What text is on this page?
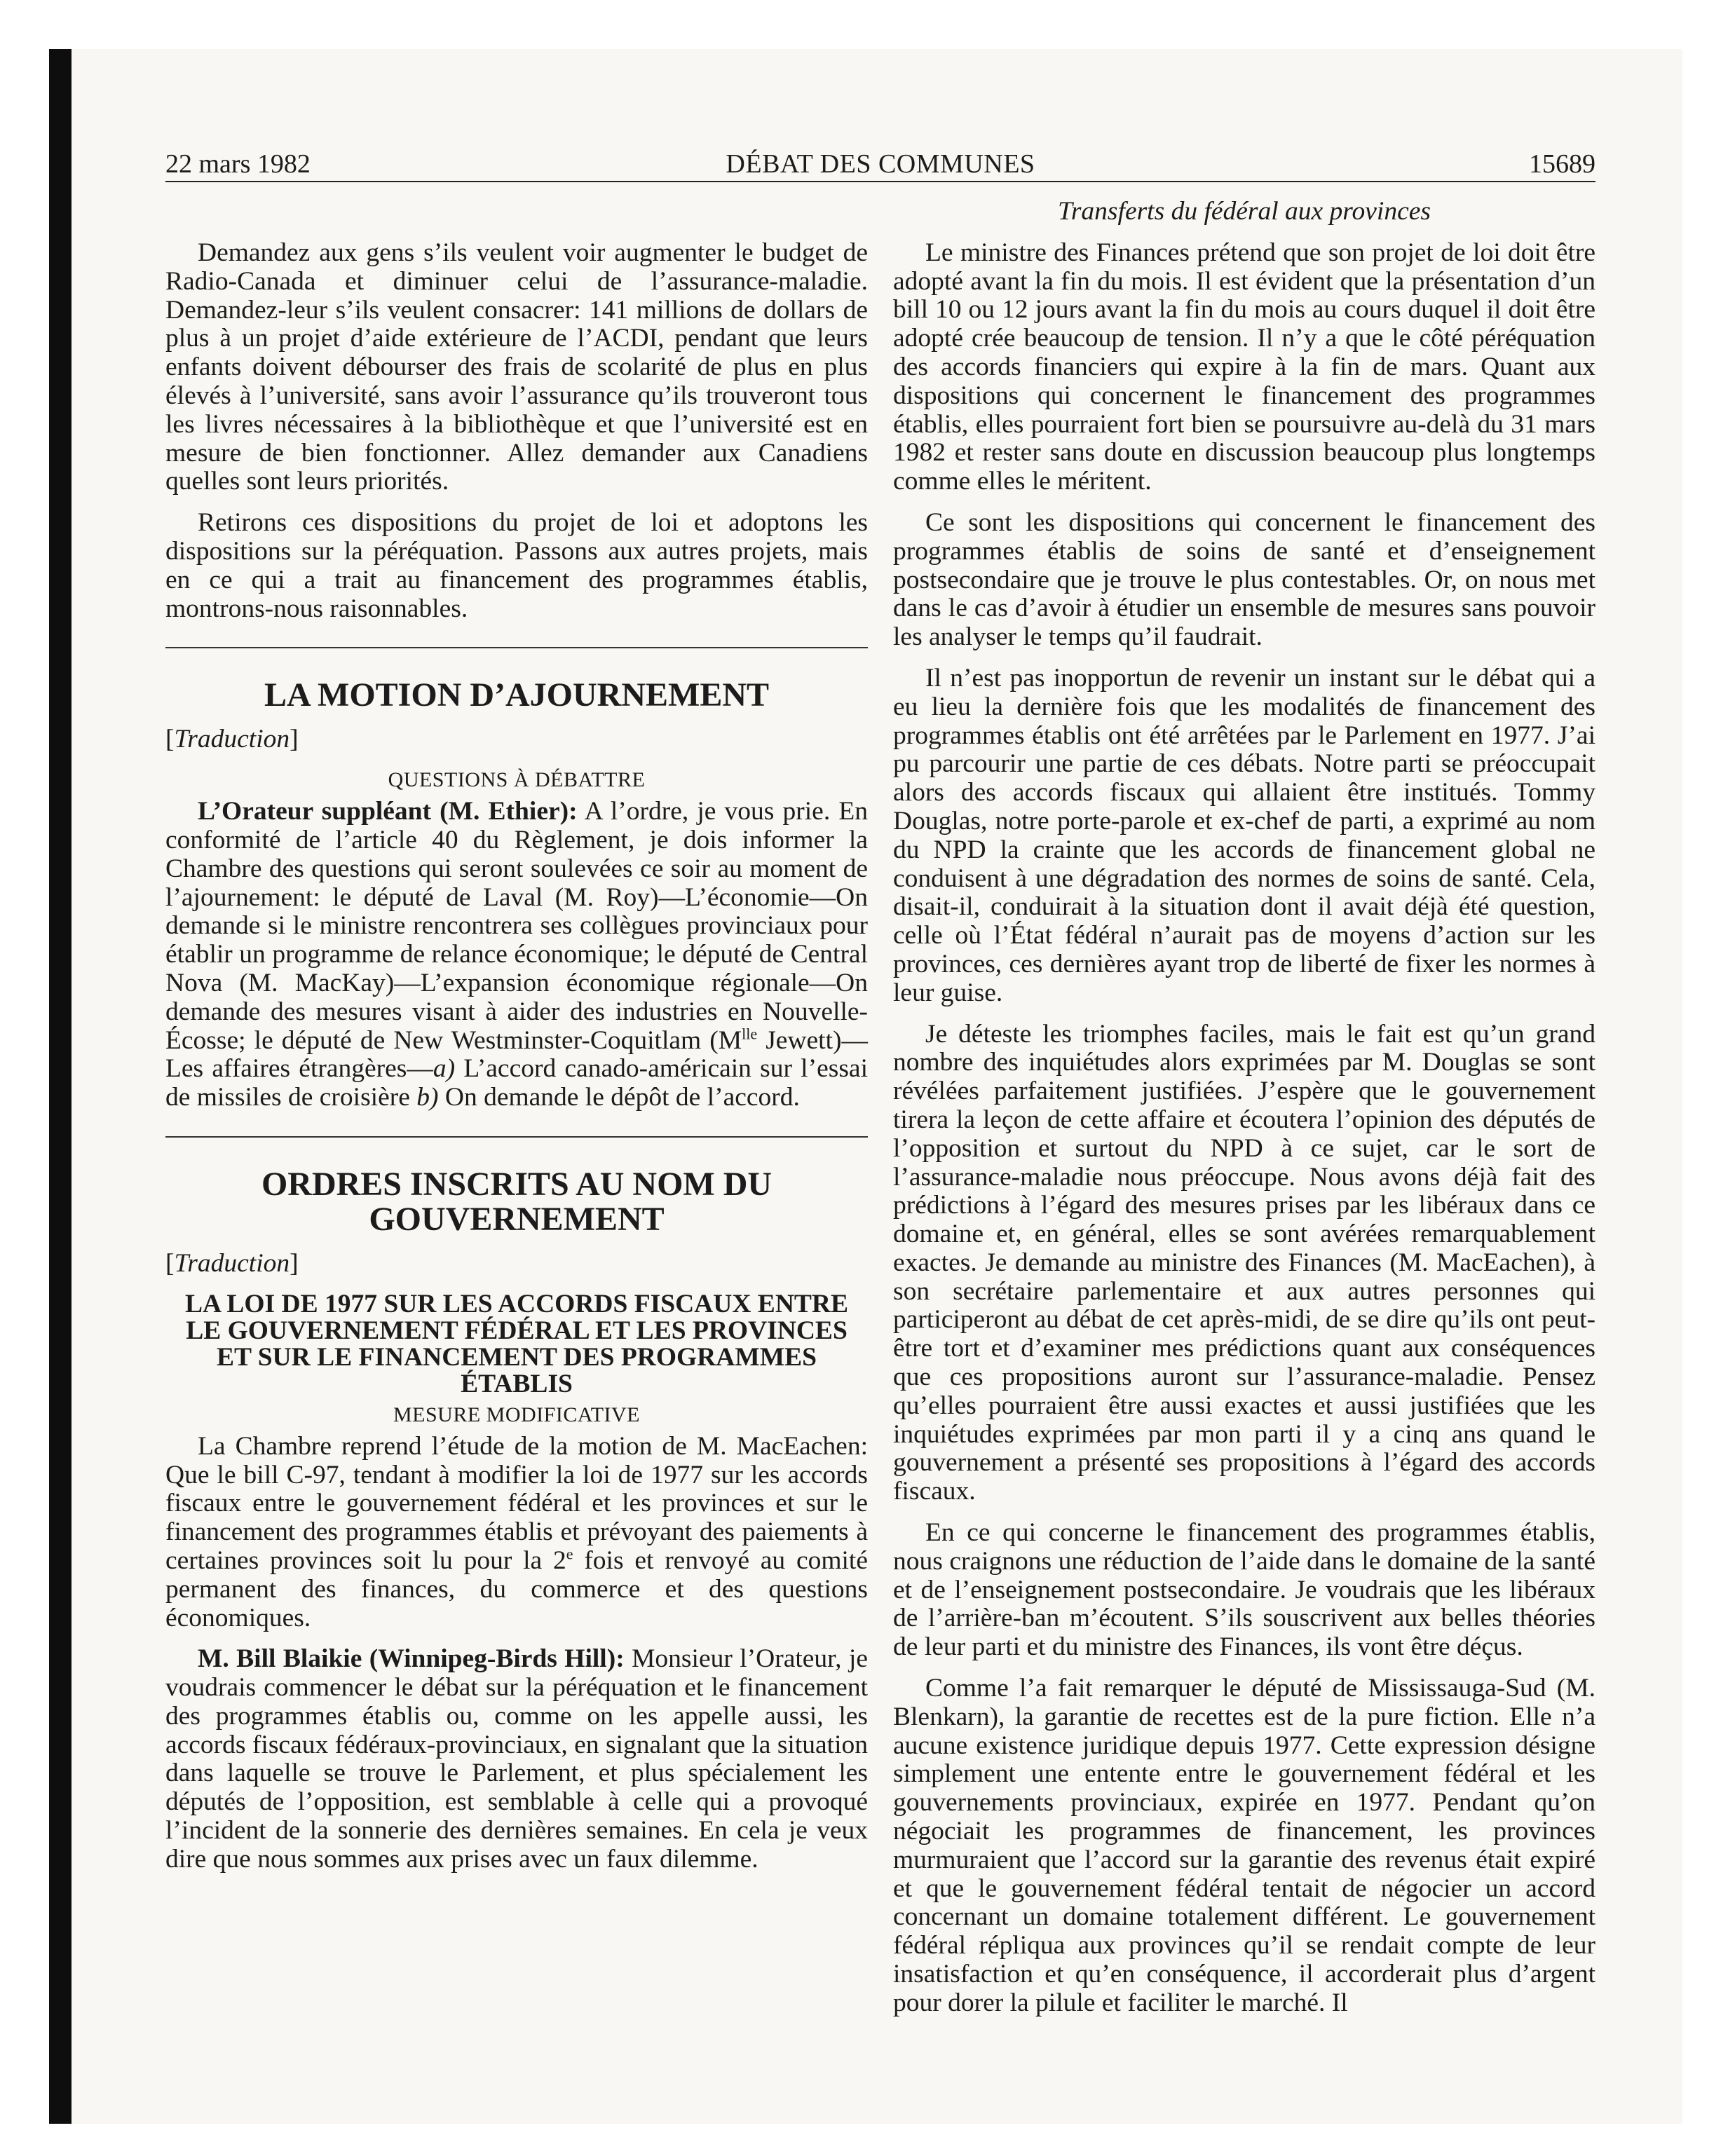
22 mars 1982	DÉBAT DES COMMUNES	15689

Demandez aux gens s’ils veulent voir augmenter le budget de Radio-Canada et diminuer celui de l’assurance-maladie. Demandez-leur s’ils veulent consacrer: 141 millions de dollars de plus à un projet d’aide extérieure de l’ACDI, pendant que leurs enfants doivent débourser des frais de scolarité de plus en plus élevés à l’université, sans avoir l’assurance qu’ils trouveront tous les livres nécessaires à la bibliothèque et que l’université est en mesure de bien fonctionner. Allez demander aux Canadiens quelles sont leurs priorités.

Retirons ces dispositions du projet de loi et adoptons les dispositions sur la péréquation. Passons aux autres projets, mais en ce qui a trait au financement des programmes établis, montrons-nous raisonnables.

LA MOTION D’AJOURNEMENT

[Traduction]

QUESTIONS À DÉBATTRE

L’Orateur suppléant (M. Ethier): A l’ordre, je vous prie. En conformité de l’article 40 du Règlement, je dois informer la Chambre des questions qui seront soulevées ce soir au moment de l’ajournement: le député de Laval (M. Roy)—L’économie—On demande si le ministre rencontrera ses collègues provinciaux pour établir un programme de relance économique; le député de Central Nova (M. MacKay)—L’expansion économique régionale—On demande des mesures visant à aider des industries en Nouvelle-Écosse; le député de New Westminster-Coquitlam ($M^{lle}$ Jewett)—Les affaires étrangères—a) L’accord canado-américain sur l’essai de missiles de croisière b) On demande le dépôt de l’accord.

ORDRES INSCRITS AU NOM DU GOUVERNEMENT

[Traduction]

LA LOI DE 1977 SUR LES ACCORDS FISCAUX ENTRE LE GOUVERNEMENT FÉDÉRAL ET LES PROVINCES ET SUR LE FINANCEMENT DES PROGRAMMES ÉTABLIS
MESURE MODIFICATIVE

La Chambre reprend l’étude de la motion de M. MacEachen: Que le bill C-97, tendant à modifier la loi de 1977 sur les accords fiscaux entre le gouvernement fédéral et les provinces et sur le financement des programmes établis et prévoyant des paiements à certaines provinces soit lu pour la 2e fois et renvoyé au comité permanent des finances, du commerce et des questions économiques.

M. Bill Blaikie (Winnipeg-Birds Hill): Monsieur l’Orateur, je voudrais commencer le débat sur la péréquation et le financement des programmes établis ou, comme on les appelle aussi, les accords fiscaux fédéraux-provinciaux, en signalant que la situation dans laquelle se trouve le Parlement, et plus spécialement les députés de l’opposition, est semblable à celle qui a provoqué l’incident de la sonnerie des dernières semaines. En cela je veux dire que nous sommes aux prises avec un faux dilemme.

Transferts du fédéral aux provinces

Le ministre des Finances prétend que son projet de loi doit être adopté avant la fin du mois. Il est évident que la présentation d’un bill 10 ou 12 jours avant la fin du mois au cours duquel il doit être adopté crée beaucoup de tension. Il n’y a que le côté péréquation des accords financiers qui expire à la fin de mars. Quant aux dispositions qui concernent le financement des programmes établis, elles pourraient fort bien se poursuivre au-delà du 31 mars 1982 et rester sans doute en discussion beaucoup plus longtemps comme elles le méritent.

Ce sont les dispositions qui concernent le financement des programmes établis de soins de santé et d’enseignement postsecondaire que je trouve le plus contestables. Or, on nous met dans le cas d’avoir à étudier un ensemble de mesures sans pouvoir les analyser le temps qu’il faudrait.

Il n’est pas inopportun de revenir un instant sur le débat qui a eu lieu la dernière fois que les modalités de financement des programmes établis ont été arrêtées par le Parlement en 1977. J’ai pu parcourir une partie de ces débats. Notre parti se préoccupait alors des accords fiscaux qui allaient être institués. Tommy Douglas, notre porte-parole et ex-chef de parti, a exprimé au nom du NPD la crainte que les accords de financement global ne conduisent à une dégradation des normes de soins de santé. Cela, disait-il, conduirait à la situation dont il avait déjà été question, celle où l’État fédéral n’aurait pas de moyens d’action sur les provinces, ces dernières ayant trop de liberté de fixer les normes à leur guise.

Je déteste les triomphes faciles, mais le fait est qu’un grand nombre des inquiétudes alors exprimées par M. Douglas se sont révélées parfaitement justifiées. J’espère que le gouvernement tirera la leçon de cette affaire et écoutera l’opinion des députés de l’opposition et surtout du NPD à ce sujet, car le sort de l’assurance-maladie nous préoccupe. Nous avons déjà fait des prédictions à l’égard des mesures prises par les libéraux dans ce domaine et, en général, elles se sont avérées remarquablement exactes. Je demande au ministre des Finances (M. MacEachen), à son secrétaire parlementaire et aux autres personnes qui participeront au débat de cet après-midi, de se dire qu’ils ont peut-être tort et d’examiner mes prédictions quant aux conséquences que ces propositions auront sur l’assurance-maladie. Pensez qu’elles pourraient être aussi exactes et aussi justifiées que les inquiétudes exprimées par mon parti il y a cinq ans quand le gouvernement a présenté ses propositions à l’égard des accords fiscaux.

En ce qui concerne le financement des programmes établis, nous craignons une réduction de l’aide dans le domaine de la santé et de l’enseignement postsecondaire. Je voudrais que les libéraux de l’arrière-ban m’écoutent. S’ils souscrivent aux belles théories de leur parti et du ministre des Finances, ils vont être déçus.

Comme l’a fait remarquer le député de Mississauga-Sud (M. Blenkarn), la garantie de recettes est de la pure fiction. Elle n’a aucune existence juridique depuis 1977. Cette expression désigne simplement une entente entre le gouvernement fédéral et les gouvernements provinciaux, expirée en 1977. Pendant qu’on négociait les programmes de financement, les provinces murmuraient que l’accord sur la garantie des revenus était expiré et que le gouvernement fédéral tentait de négocier un accord concernant un domaine totalement différent. Le gouvernement fédéral répliqua aux provinces qu’il se rendait compte de leur insatisfaction et qu’en conséquence, il accorderait plus d’argent pour dorer la pilule et faciliter le marché. Il
